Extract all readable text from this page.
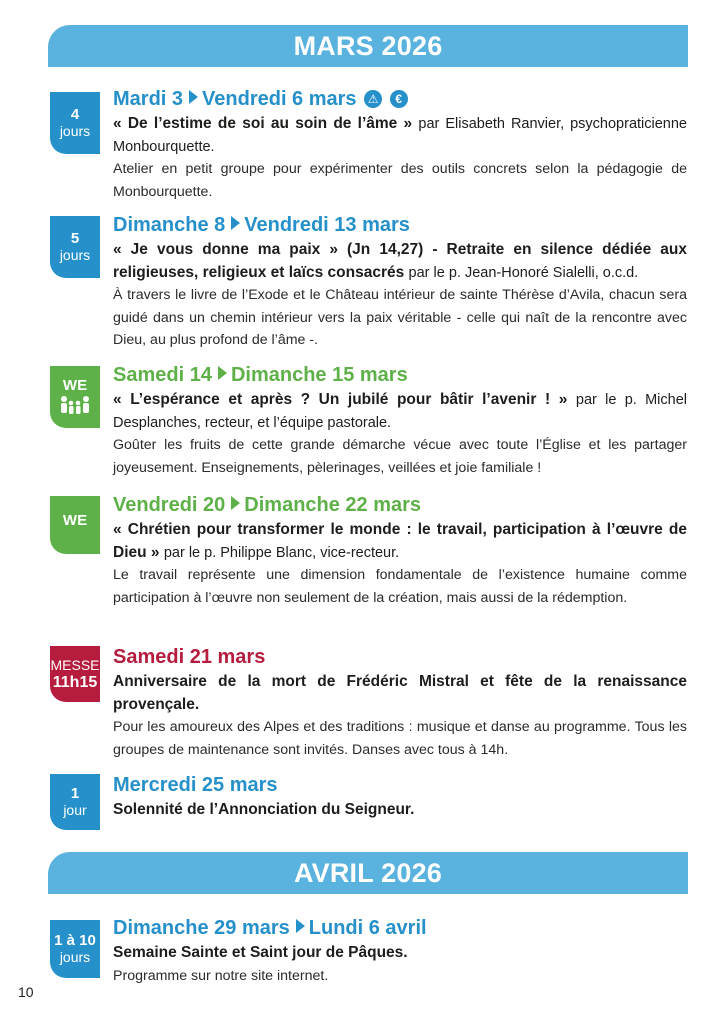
MARS 2026
4
jours
Mardi 3 Vendredi 6 mars ⚠ €
« De l’estime de soi au soin de l’âme » par Elisabeth Ranvier, psychopraticienne Monbourquette.
Atelier en petit groupe pour expérimenter des outils concrets selon la pédagogie de Monbourquette.
5
jours
Dimanche 8 Vendredi 13 mars
« Je vous donne ma paix » (Jn 14,27) - Retraite en silence dédiée aux religieuses, religieux et laïcs consacrés par le p. Jean-Honoré Sialelli, o.c.d.
À travers le livre de l’Exode et le Château intérieur de sainte Thérèse d’Avila, chacun sera guidé dans un chemin intérieur vers la paix véritable - celle qui naît de la rencontre avec Dieu, au plus profond de l’âme -.
WE	Samedi 14 Dimanche 15 mars
« L’espérance et après ? Un jubilé pour bâtir l’avenir ! » par le p. Michel Desplanches, recteur, et l’équipe pastorale.
Goûter les fruits de cette grande démarche vécue avec toute l’Église et les partager joyeusement. Enseignements, pèlerinages, veillées et joie familiale !
WE
Vendredi 20 Dimanche 22 mars
« Chrétien pour transformer le monde : le travail, participation à l’œuvre de Dieu » par le p. Philippe Blanc, vice-recteur.
Le travail représente une dimension fondamentale de l’existence humaine comme participation à l’œuvre non seulement de la création, mais aussi de la rédemption.
MESSE
11h15
Samedi 21 mars
Anniversaire de la mort de Frédéric Mistral et fête de la renaissance provençale.
Pour les amoureux des Alpes et des traditions : musique et danse au programme. Tous les groupes de maintenance sont invités. Danses avec tous à 14h.
1
jour
Mercredi 25 mars
Solennité de l’Annonciation du Seigneur.
AVRIL 2026
1 à 10
jours
Dimanche 29 mars Lundi 6 avril
Semaine Sainte et Saint jour de Pâques.
Programme sur notre site internet.
10
